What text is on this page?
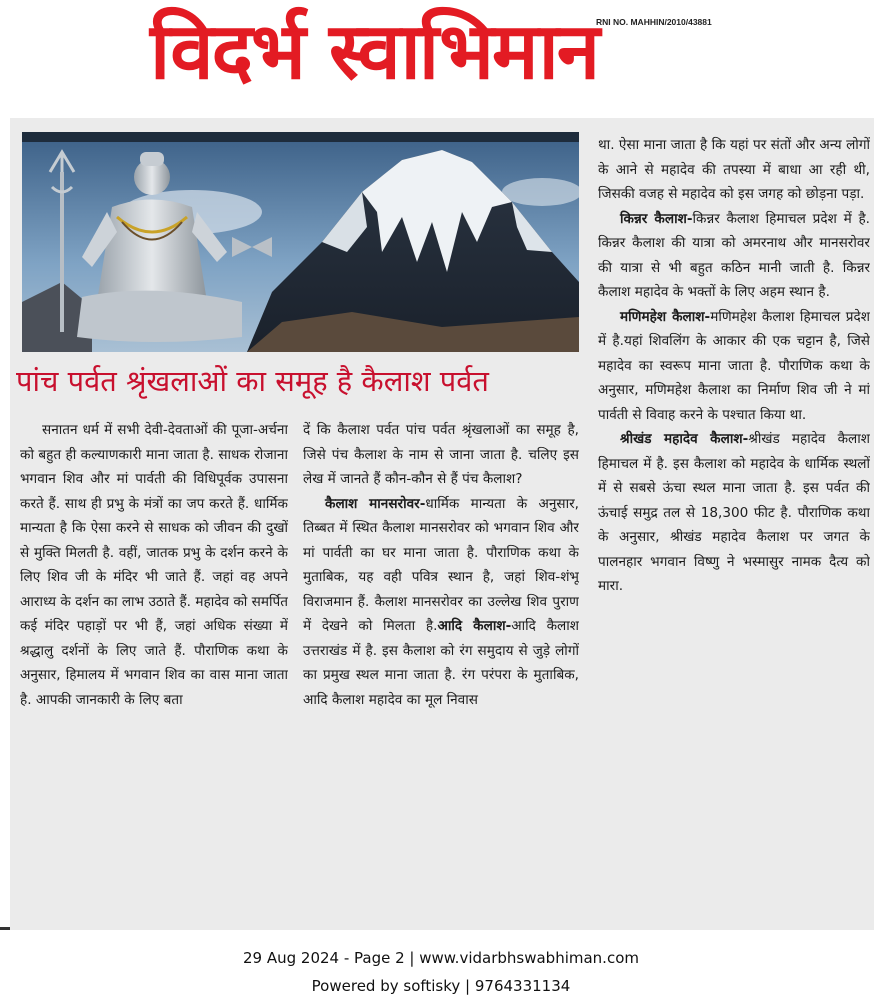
विदर्भ स्वाभिमान
RNI NO. MAHHIN/2010/43881
पांच पर्वत श्रृंखलाओं का समूह है कैलाश पर्वत

सनातन धर्म में सभी देवी-देवताओं की पूजा-अर्चना को बहुत ही कल्याणकारी माना जाता है. साधक रोजाना भगवान शिव और मां पार्वती की विधिपूर्वक उपासना करते हैं. साथ ही प्रभु के मंत्रों का जप करते हैं. धार्मिक मान्यता है कि ऐसा करने से साधक को जीवन की दुखों से मुक्ति मिलती है. वहीं, जातक प्रभु के दर्शन करने के लिए शिव जी के मंदिर भी जाते हैं. जहां वह अपने आराध्य के दर्शन का लाभ उठाते हैं. महादेव को समर्पित कई मंदिर पहाड़ों पर भी हैं, जहां अधिक संख्या में श्रद्धालु दर्शनों के लिए जाते हैं. पौराणिक कथा के अनुसार, हिमालय में भगवान शिव का वास माना जाता है. आपकी जानकारी के लिए बता

दें कि कैलाश पर्वत पांच पर्वत श्रृंखलाओं का समूह है, जिसे पंच कैलाश के नाम से जाना जाता है. चलिए इस लेख में जानते हैं कौन-कौन से हैं पंच कैलाश?

कैलाश मानसरोवर-धार्मिक मान्यता के अनुसार, तिब्बत में स्थित कैलाश मानसरोवर को भगवान शिव और मां पार्वती का घर माना जाता है. पौराणिक कथा के मुताबिक, यह वही पवित्र स्थान है, जहां शिव-शंभू विराजमान हैं. कैलाश मानसरोवर का उल्लेख शिव पुराण में देखने को मिलता है.आदि कैलाश-आदि कैलाश उत्तराखंड में है. इस कैलाश को रंग समुदाय से जुड़े लोगों का प्रमुख स्थल माना जाता है. रंग परंपरा के मुताबिक, आदि कैलाश महादेव का मूल निवास

था. ऐसा माना जाता है कि यहां पर संतों और अन्य लोगों के आने से महादेव की तपस्या में बाधा आ रही थी, जिसकी वजह से महादेव को इस जगह को छोड़ना पड़ा.

किन्नर कैलाश-किन्नर कैलाश हिमाचल प्रदेश में है. किन्नर कैलाश की यात्रा को अमरनाथ और मानसरोवर की यात्रा से भी बहुत कठिन मानी जाती है. किन्नर कैलाश महादेव के भक्तों के लिए अहम स्थान है.

मणिमहेश कैलाश-मणिमहेश कैलाश हिमाचल प्रदेश में है.यहां शिवलिंग के आकार की एक चट्टान है, जिसे महादेव का स्वरूप माना जाता है. पौराणिक कथा के अनुसार, मणिमहेश कैलाश का निर्माण शिव जी ने मां पार्वती से विवाह करने के पश्चात किया था.

श्रीखंड महादेव कैलाश-श्रीखंड महादेव कैलाश हिमाचल में है. इस कैलाश को महादेव के धार्मिक स्थलों में से सबसे ऊंचा स्थल माना जाता है. इस पर्वत की ऊंचाई समुद्र तल से 18,300 फीट है. पौराणिक कथा के अनुसार, श्रीखंड महादेव कैलाश पर जगत के पालनहार भगवान विष्णु ने भस्मासुर नामक दैत्य को मारा.

29 Aug 2024 - Page 2 | www.vidarbhswabhiman.com
Powered by softisky | 9764331134
